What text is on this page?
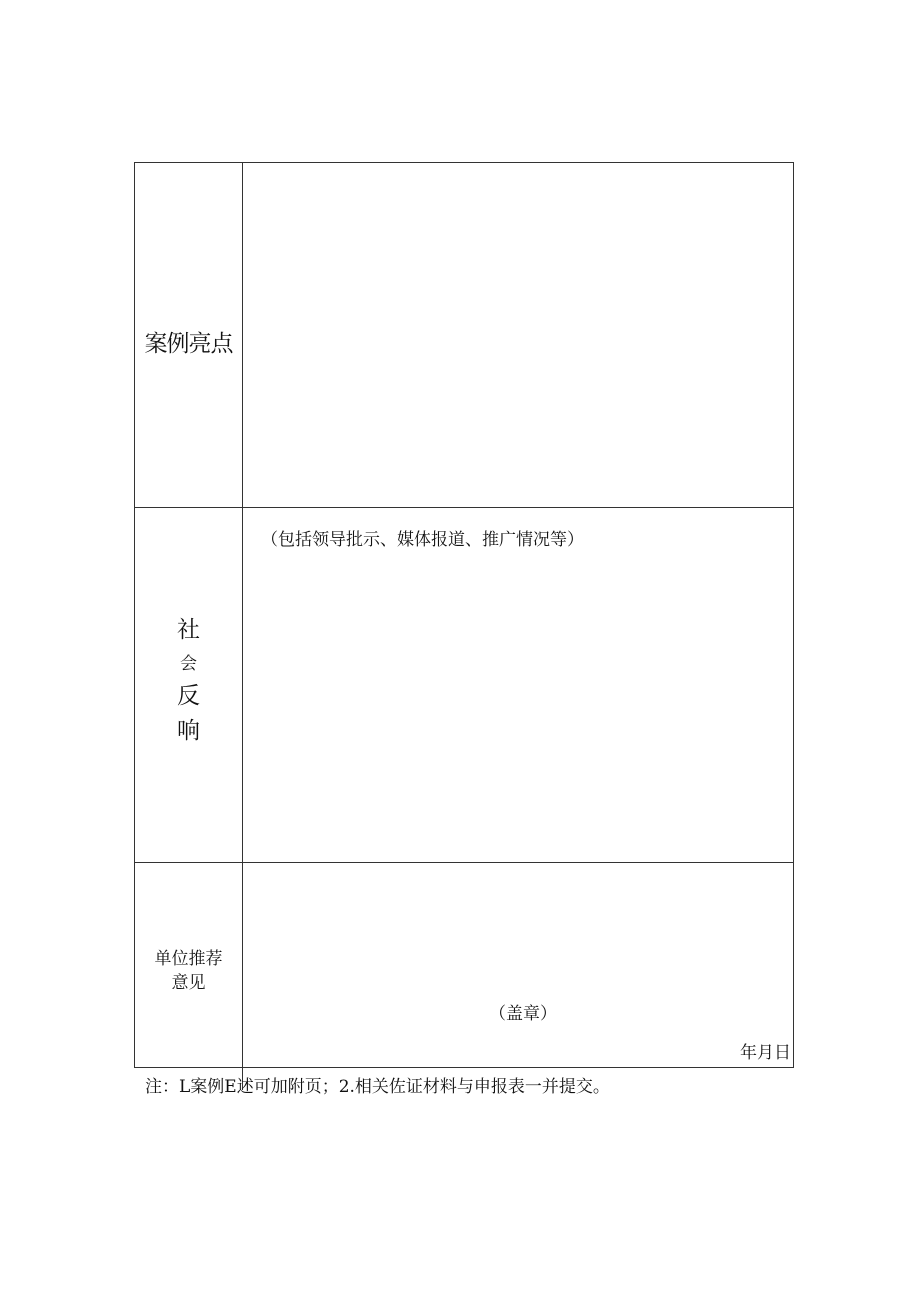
案例亮点
社
会
反
响
（包括领导批示、媒体报道、推广情况等）
单位推荐
意见
（盖章）
年月日
注：L案例E述可加附页；2.相关佐证材料与申报表一并提交。
